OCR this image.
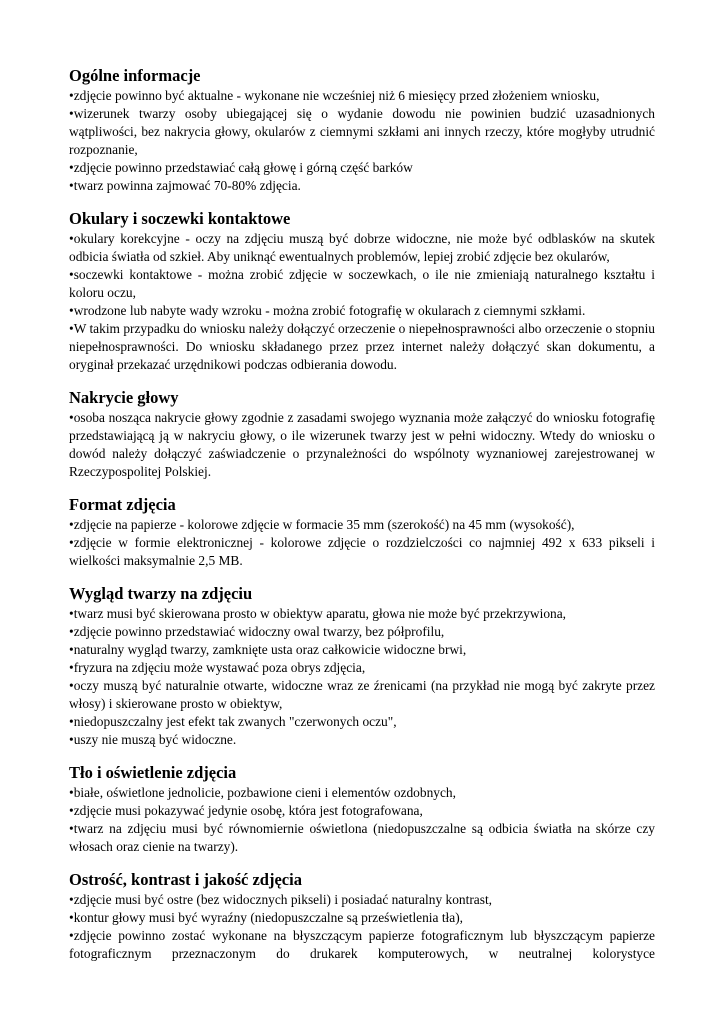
Ogólne informacje

•zdjęcie powinno być aktualne - wykonane nie wcześniej niż 6 miesięcy przed złożeniem wniosku,

•wizerunek twarzy osoby ubiegającej się o wydanie dowodu nie powinien budzić uzasadnionych wątpliwości, bez nakrycia głowy, okularów z ciemnymi szkłami ani innych rzeczy, które mogłyby utrudnić rozpoznanie,

•zdjęcie powinno przedstawiać całą głowę i górną część barków

•twarz powinna zajmować 70-80% zdjęcia.

Okulary i soczewki kontaktowe

•okulary korekcyjne - oczy na zdjęciu muszą być dobrze widoczne, nie może być odblasków na skutek odbicia światła od szkieł. Aby uniknąć ewentualnych problemów, lepiej zrobić zdjęcie bez okularów,

•soczewki kontaktowe - można zrobić zdjęcie w soczewkach, o ile nie zmieniają naturalnego kształtu i koloru oczu,

•wrodzone lub nabyte wady wzroku - można zrobić fotografię w okularach z ciemnymi szkłami.

•W takim przypadku do wniosku należy dołączyć orzeczenie o niepełnosprawności albo orzeczenie o stopniu niepełnosprawności. Do wniosku składanego przez przez internet należy dołączyć skan dokumentu, a oryginał przekazać urzędnikowi podczas odbierania dowodu.

Nakrycie głowy

•osoba nosząca nakrycie głowy zgodnie z zasadami swojego wyznania może załączyć do wniosku fotografię przedstawiającą ją w nakryciu głowy, o ile wizerunek twarzy jest w pełni widoczny. Wtedy do wniosku o dowód należy dołączyć zaświadczenie o przynależności do wspólnoty wyznaniowej zarejestrowanej w Rzeczypospolitej Polskiej.

Format zdjęcia

•zdjęcie na papierze - kolorowe zdjęcie w formacie 35 mm (szerokość) na 45 mm (wysokość),

•zdjęcie w formie elektronicznej - kolorowe zdjęcie o rozdzielczości co najmniej 492 x 633 pikseli i wielkości maksymalnie 2,5 MB.

Wygląd twarzy na zdjęciu

•twarz musi być skierowana prosto w obiektyw aparatu, głowa nie może być przekrzywiona,

•zdjęcie powinno przedstawiać widoczny owal twarzy, bez półprofilu,

•naturalny wygląd twarzy, zamknięte usta oraz całkowicie widoczne brwi,

•fryzura na zdjęciu może wystawać poza obrys zdjęcia,

•oczy muszą być naturalnie otwarte, widoczne wraz ze źrenicami (na przykład nie mogą być zakryte przez włosy) i skierowane prosto w obiektyw,

•niedopuszczalny jest efekt tak zwanych "czerwonych oczu",

•uszy nie muszą być widoczne.

Tło i oświetlenie zdjęcia

•białe, oświetlone jednolicie, pozbawione cieni i elementów ozdobnych,

•zdjęcie musi pokazywać jedynie osobę, która jest fotografowana,

•twarz na zdjęciu musi być równomiernie oświetlona (niedopuszczalne są odbicia światła na skórze czy włosach oraz cienie na twarzy).

Ostrość, kontrast i jakość zdjęcia

•zdjęcie musi być ostre (bez widocznych pikseli) i posiadać naturalny kontrast,

•kontur głowy musi być wyraźny (niedopuszczalne są prześwietlenia tła),

•zdjęcie powinno zostać wykonane na błyszczącym papierze fotograficznym lub błyszczącym papierze fotograficznym przeznaczonym do drukarek komputerowych, w neutralnej kolorystyce
